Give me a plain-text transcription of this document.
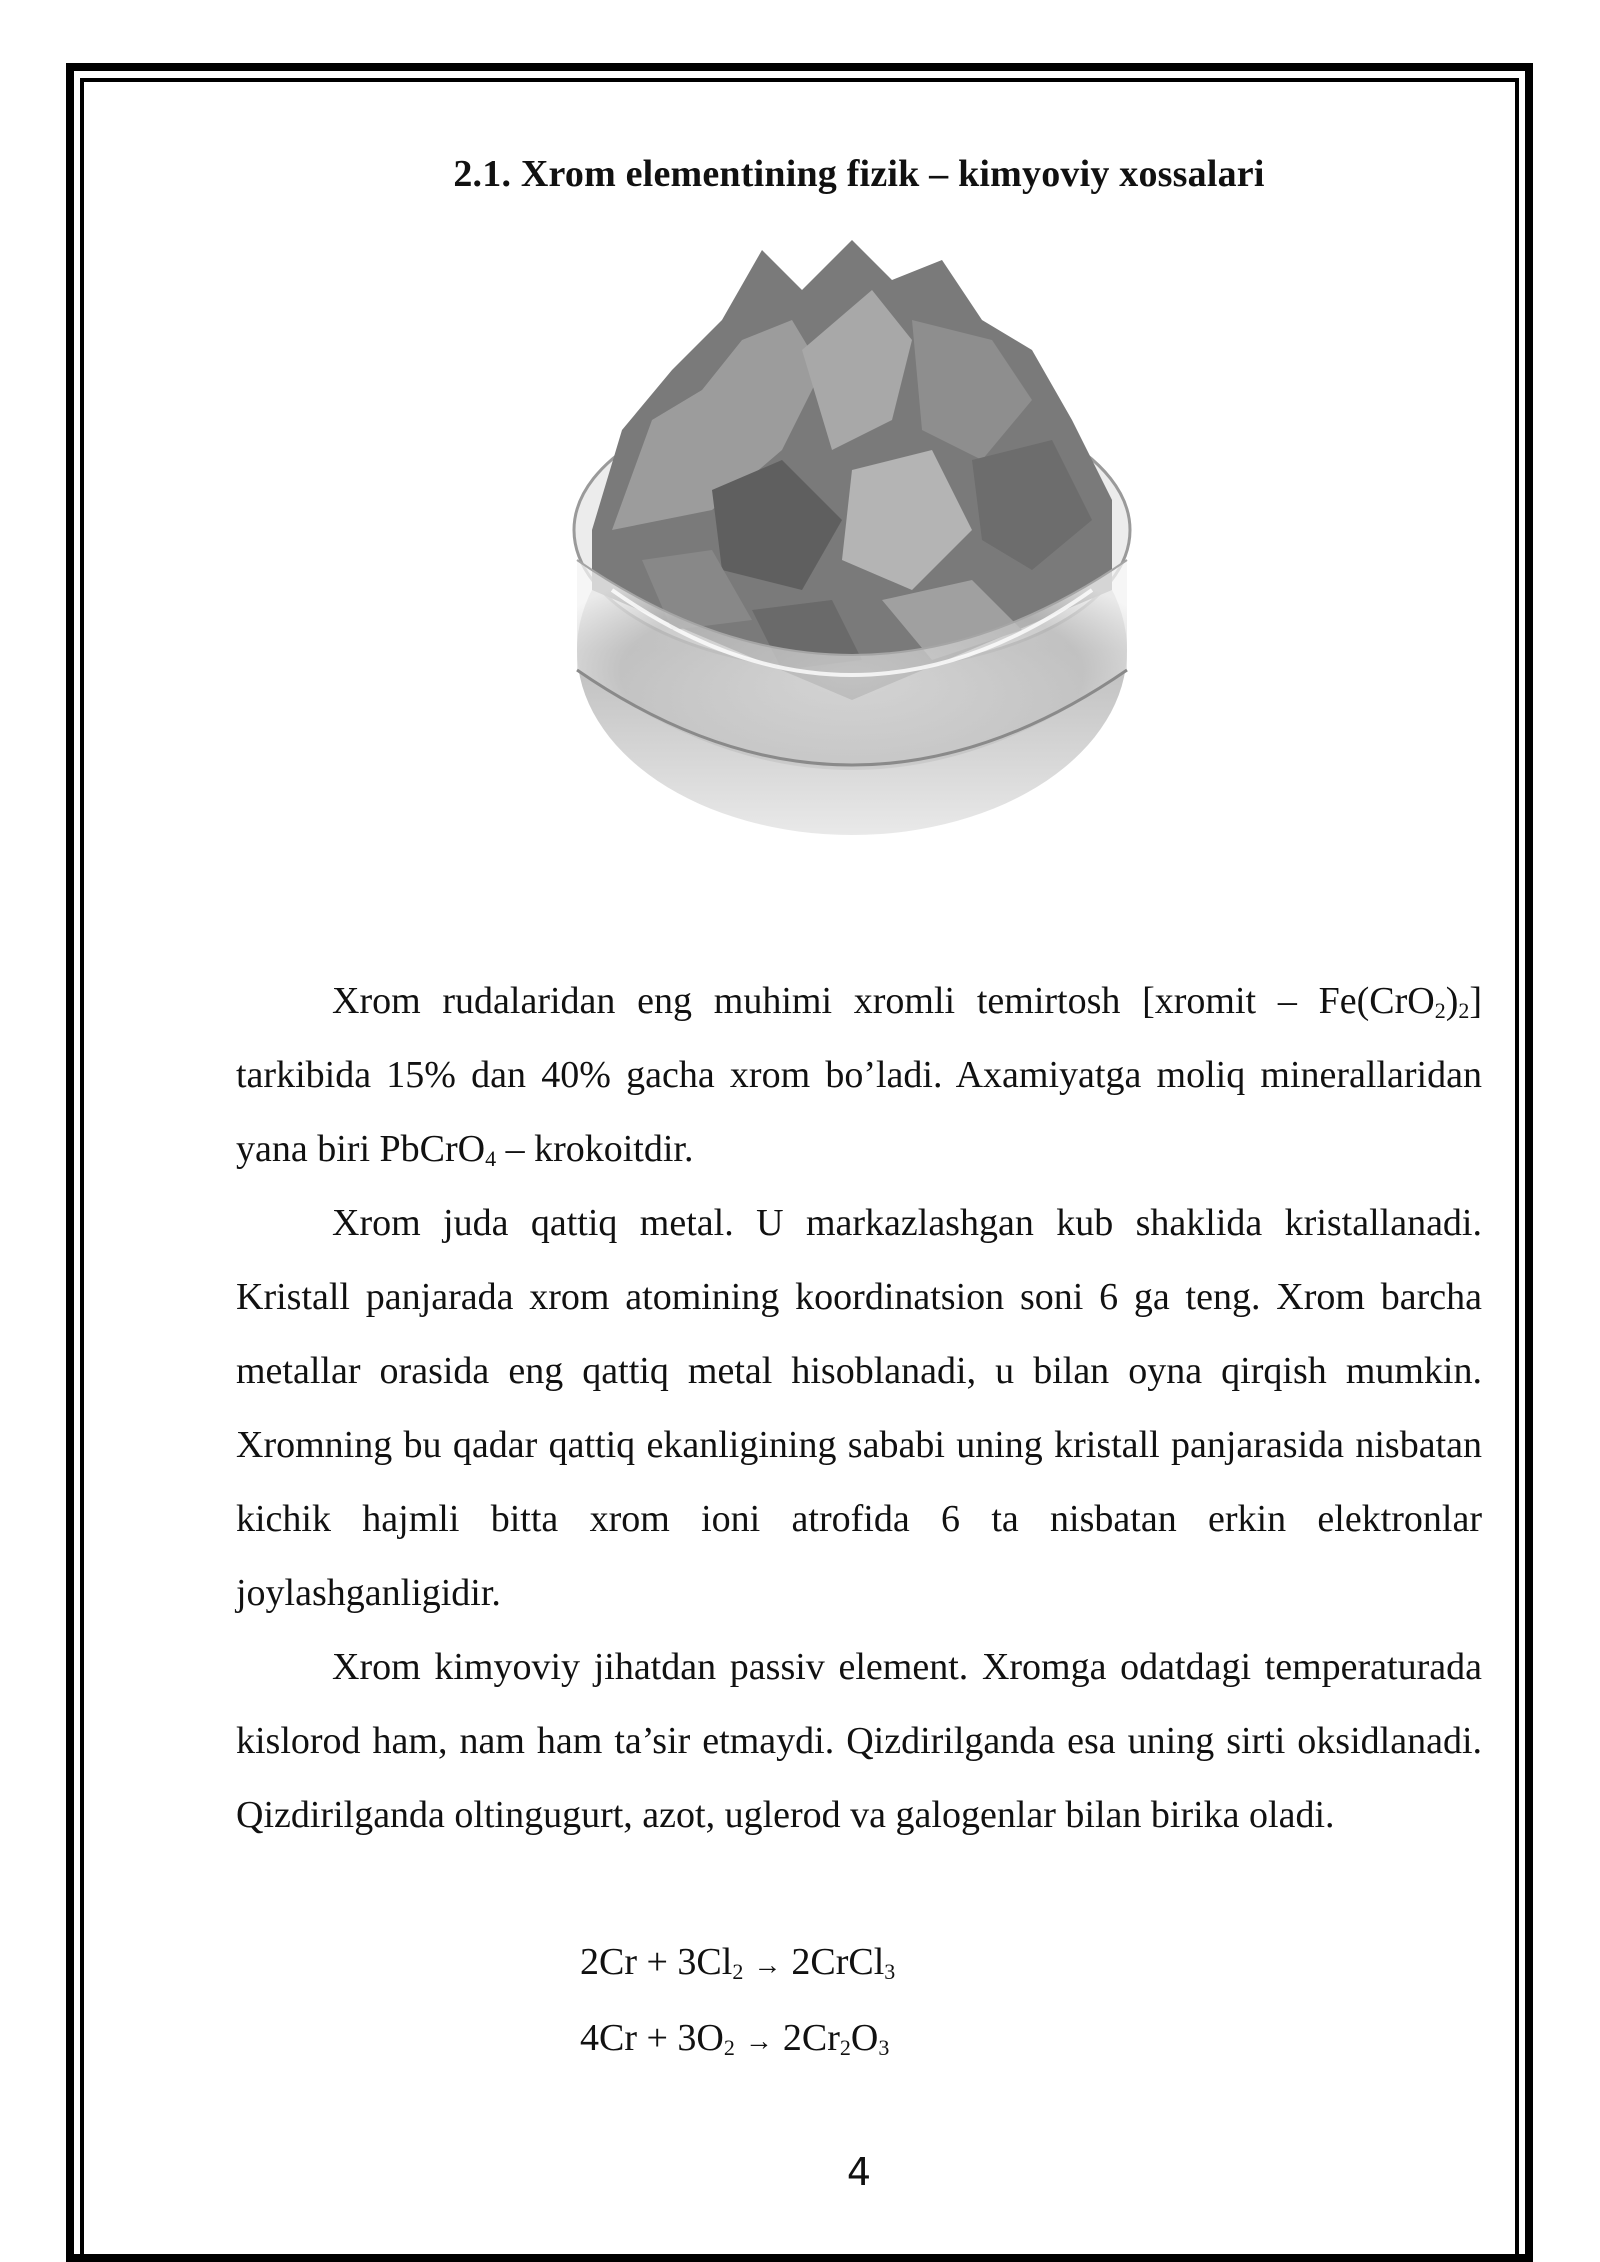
2.1. Xrom elementining fizik – kimyoviy xossalari

Xrom rudalaridan eng muhimi xromli temirtosh [xromit – $Fe(CrO_2)_2$] tarkibida 15% dan 40% gacha xrom bo’ladi. Axamiyatga moliq minerallaridan yana biri PbCrO$_4$ – krokoitdir.

Xrom juda qattiq metal. U markazlashgan kub shaklida kristallanadi. Kristall panjarada xrom atomining koordinatsion soni 6 ga teng. Xrom barcha metallar orasida eng qattiq metal hisoblanadi, u bilan oyna qirqish mumkin. Xromning bu qadar qattiq ekanligining sababi uning kristall panjarasida nisbatan kichik hajmli bitta xrom ioni atrofida 6 ta nisbatan erkin elektronlar joylashganligidir.

Xrom kimyoviy jihatdan passiv element. Xromga odatdagi temperaturada kislorod ham, nam ham ta’sir etmaydi. Qizdirilganda esa uning sirti oksidlanadi. Qizdirilganda oltingugurt, azot, uglerod va galogenlar bilan birika oladi.

$2Cr + 3Cl_2$ → 2CrCl$_3$
$4Cr + 3O_2 \to 2Cr_2O_3$
4
